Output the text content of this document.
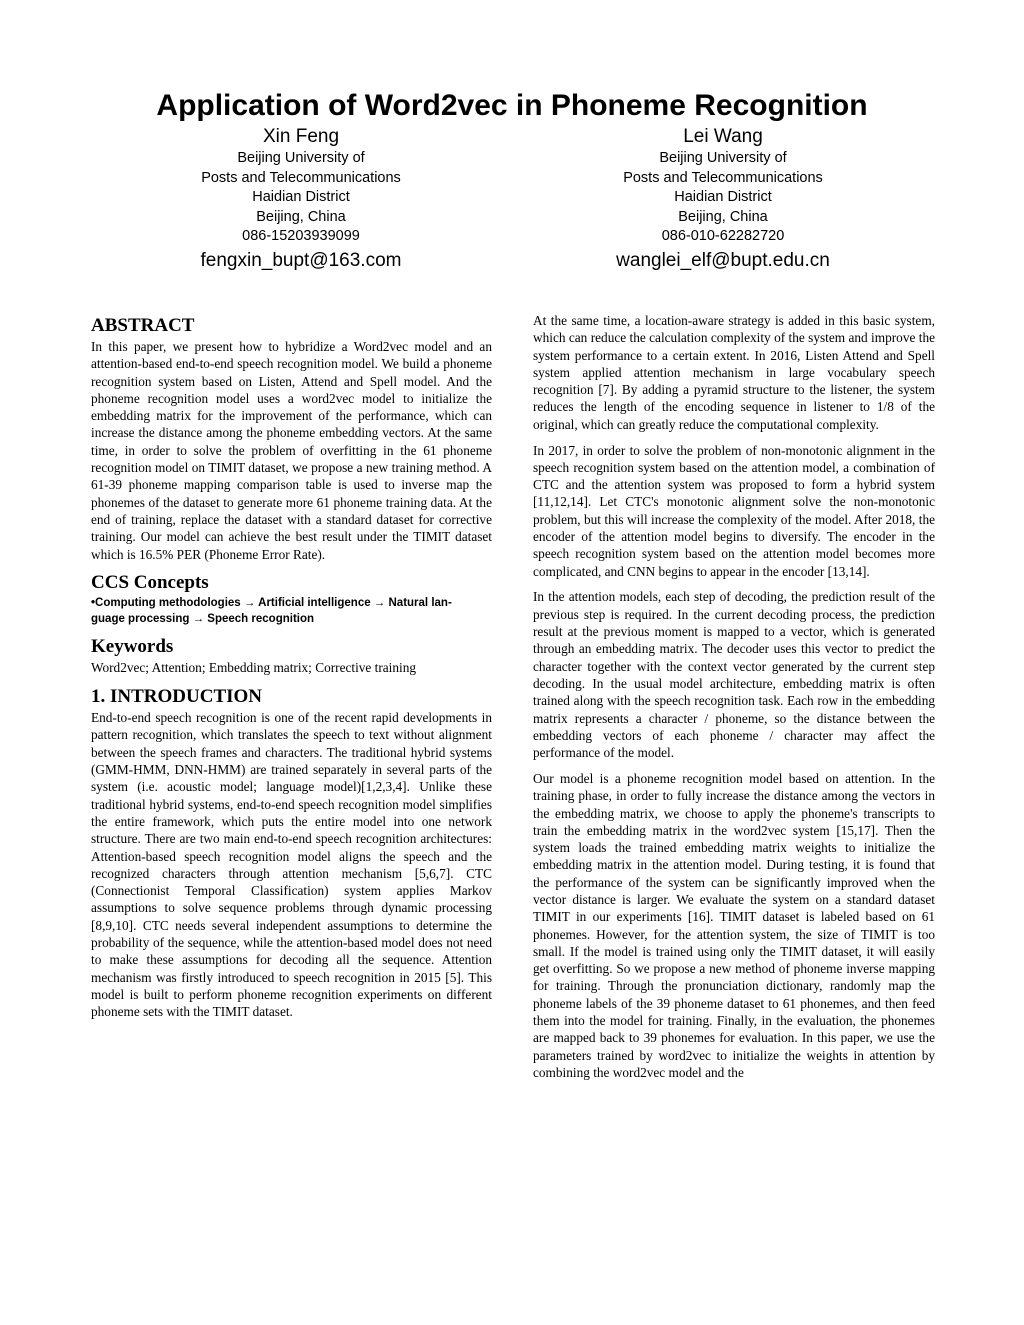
Application of Word2vec in Phoneme Recognition
Xin Feng
Beijing University of
Posts and Telecommunications
Haidian District
Beijing, China
086-15203939099
fengxin_bupt@163.com
Lei Wang
Beijing University of
Posts and Telecommunications
Haidian District
Beijing, China
086-010-62282720
wanglei_elf@bupt.edu.cn
ABSTRACT

In this paper, we present how to hybridize a Word2vec model and an attention-based end-to-end speech recognition model. We build a phoneme recognition system based on Listen, Attend and Spell model. And the phoneme recognition model uses a word2vec model to initialize the embedding matrix for the improvement of the performance, which can increase the distance among the phoneme embedding vectors. At the same time, in order to solve the problem of overfitting in the 61 phoneme recognition model on TIMIT dataset, we propose a new training method. A 61-39 phoneme mapping comparison table is used to inverse map the phonemes of the dataset to generate more 61 phoneme training data. At the end of training, replace the dataset with a standard dataset for corrective training. Our model can achieve the best result under the TIMIT dataset which is 16.5% PER (Phoneme Error Rate).

CCS Concepts
•Computing methodologies → Artificial intelligence → Natural lan-
guage processing → Speech recognition
Keywords

Word2vec; Attention; Embedding matrix; Corrective training

1. INTRODUCTION

End-to-end speech recognition is one of the recent rapid developments in pattern recognition, which translates the speech to text without alignment between the speech frames and characters. The traditional hybrid systems (GMM-HMM, DNN-HMM) are trained separately in several parts of the system (i.e. acoustic model; language model)[1,2,3,4]. Unlike these traditional hybrid systems, end-to-end speech recognition model simplifies the entire framework, which puts the entire model into one network structure. There are two main end-to-end speech recognition architectures: Attention-based speech recognition model aligns the speech and the recognized characters through attention mechanism [5,6,7]. CTC (Connectionist Temporal Classification) system applies Markov assumptions to solve sequence problems through dynamic processing [8,9,10]. CTC needs several independent assumptions to determine the probability of the sequence, while the attention-based model does not need to make these assumptions for decoding all the sequence. Attention mechanism was firstly introduced to speech recognition in 2015 [5]. This model is built to perform phoneme recognition experiments on different phoneme sets with the TIMIT dataset.

At the same time, a location-aware strategy is added in this basic system, which can reduce the calculation complexity of the system and improve the system performance to a certain extent. In 2016, Listen Attend and Spell system applied attention mechanism in large vocabulary speech recognition [7]. By adding a pyramid structure to the listener, the system reduces the length of the encoding sequence in listener to 1/8 of the original, which can greatly reduce the computational complexity.

In 2017, in order to solve the problem of non-monotonic alignment in the speech recognition system based on the attention model, a combination of CTC and the attention system was proposed to form a hybrid system [11,12,14]. Let CTC's monotonic alignment solve the non-monotonic problem, but this will increase the complexity of the model. After 2018, the encoder of the attention model begins to diversify. The encoder in the speech recognition system based on the attention model becomes more complicated, and CNN begins to appear in the encoder [13,14].

In the attention models, each step of decoding, the prediction result of the previous step is required. In the current decoding process, the prediction result at the previous moment is mapped to a vector, which is generated through an embedding matrix. The decoder uses this vector to predict the character together with the context vector generated by the current step decoding. In the usual model architecture, embedding matrix is often trained along with the speech recognition task. Each row in the embedding matrix represents a character / phoneme, so the distance between the embedding vectors of each phoneme / character may affect the performance of the model.

Our model is a phoneme recognition model based on attention. In the training phase, in order to fully increase the distance among the vectors in the embedding matrix, we choose to apply the phoneme's transcripts to train the embedding matrix in the word2vec system [15,17]. Then the system loads the trained embedding matrix weights to initialize the embedding matrix in the attention model. During testing, it is found that the performance of the system can be significantly improved when the vector distance is larger. We evaluate the system on a standard dataset TIMIT in our experiments [16]. TIMIT dataset is labeled based on 61 phonemes. However, for the attention system, the size of TIMIT is too small. If the model is trained using only the TIMIT dataset, it will easily get overfitting. So we propose a new method of phoneme inverse mapping for training. Through the pronunciation dictionary, randomly map the phoneme labels of the 39 phoneme dataset to 61 phonemes, and then feed them into the model for training. Finally, in the evaluation, the phonemes are mapped back to 39 phonemes for evaluation. In this paper, we use the parameters trained by word2vec to initialize the weights in attention by combining the word2vec model and the
